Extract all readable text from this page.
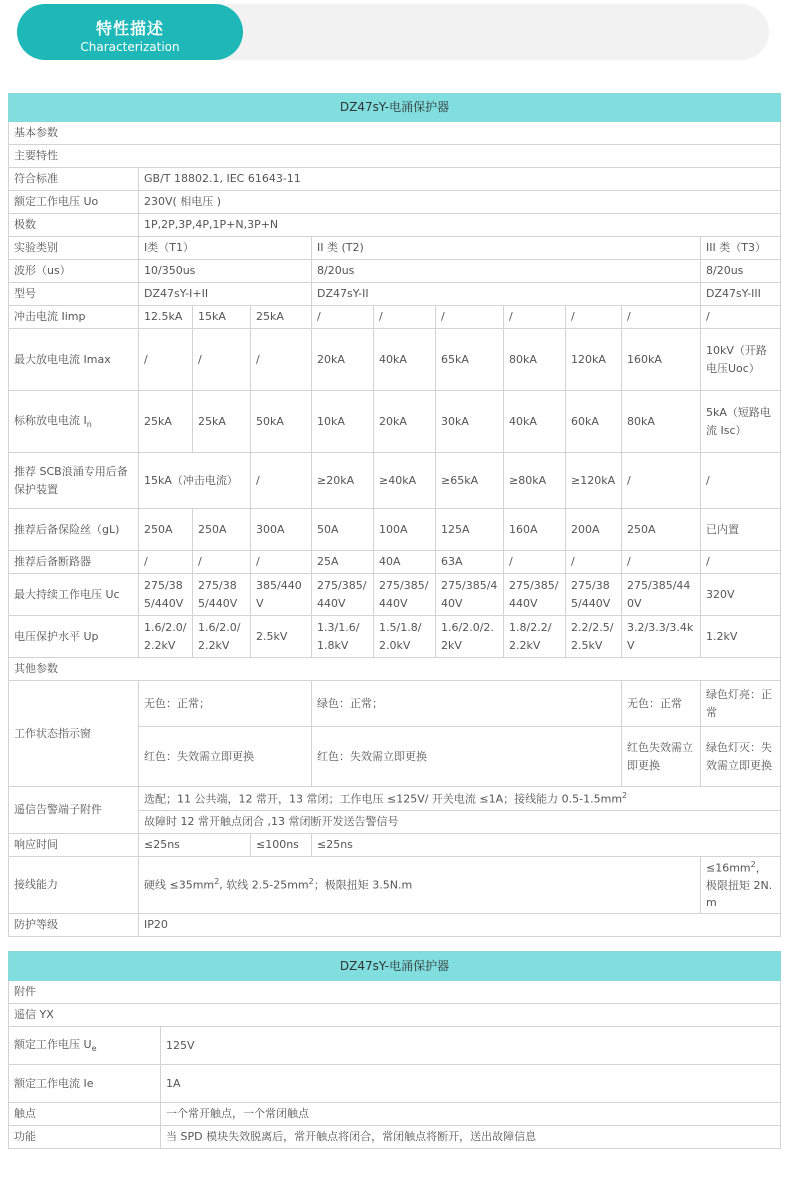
特性描述
Characterization
DZ47sY-电涌保护器										
基本参数										
主要特性										
符合标准	GB/T 18802.1, IEC 61643-11									
额定工作电压 Uo	230V( 相电压 )									
极数	1P,2P,3P,4P,1P+N,3P+N									
实验类别	I类（T1）			II 类 (T2)						III 类（T3）
波形（us）	10/350us			8/20us						8/20us
型号	DZ47sY-I+II			DZ47sY-II						DZ47sY-III
冲击电流 Iimp	12.5kA	15kA	25kA	/	/	/	/	/	/	/
最大放电电流 Imax	/	/	/	20kA	40kA	65kA	80kA	120kA	160kA	10kV（开路电压Uoc）
标称放电电流 $I_n$	25kA	25kA	50kA	10kA	20kA	30kA	40kA	60kA	80kA	5kA（短路电流 Isc）
推荐 SCB浪涌专用后备保护装置	15kA（冲击电流）		/	≥20kA	≥40kA	≥65kA	≥80kA	≥120kA	/	/
推荐后备保险丝（gL)	250A	250A	300A	50A	100A	125A	160A	200A	250A	已内置
推荐后备断路器	/	/	/	25A	40A	63A	/	/	/	/
最大持续工作电压 Uc	275/385/440V	275/385/440V	385/440V	275/385/440V	275/385/440V	275/385/440V	275/385/440V	275/385/440V	275/385/440V	320V
电压保护水平 Up	1.6/2.0/2.2kV	1.6/2.0/2.2kV	2.5kV	1.3/1.6/1.8kV	1.5/1.8/2.0kV	1.6/2.0/2.2kV	1.8/2.2/2.2kV	2.2/2.5/2.5kV	3.2/3.3/3.4kV	1.2kV
其他参数										
工作状态指示窗	无色：正常；			绿色：正常；					无色：正常	绿色灯亮：正常
	红色：失效需立即更换			红色：失效需立即更换					红色失效需立即更换	绿色灯灭：失效需立即更换
遥信告警端子附件	选配；11 公共端，12 常开，13 常闭；工作电压 ≤125V/ 开关电流 ≤1A；接线能力 $0.5-1.5mm^2$
	故障时 12 常开触点闭合 ,13 常闭断开发送告警信号									
响应时间	≤25ns		≤100ns	≤25ns						
接线能力	硬线 $\le 35mm^2$, 软线 $2.5-25mm^2$；极限扭矩 3.5N.m									$\le 16mm^2$，极限扭矩 2N.m
防护等级	IP20									
DZ47sY-电涌保护器	
附件	
遥信 YX	
额定工作电压 $U_e$	125V
额定工作电流 Ie	1A
触点	一个常开触点，一个常闭触点
功能	当 SPD 模块失效脱离后，常开触点将闭合，常闭触点将断开，送出故障信息
